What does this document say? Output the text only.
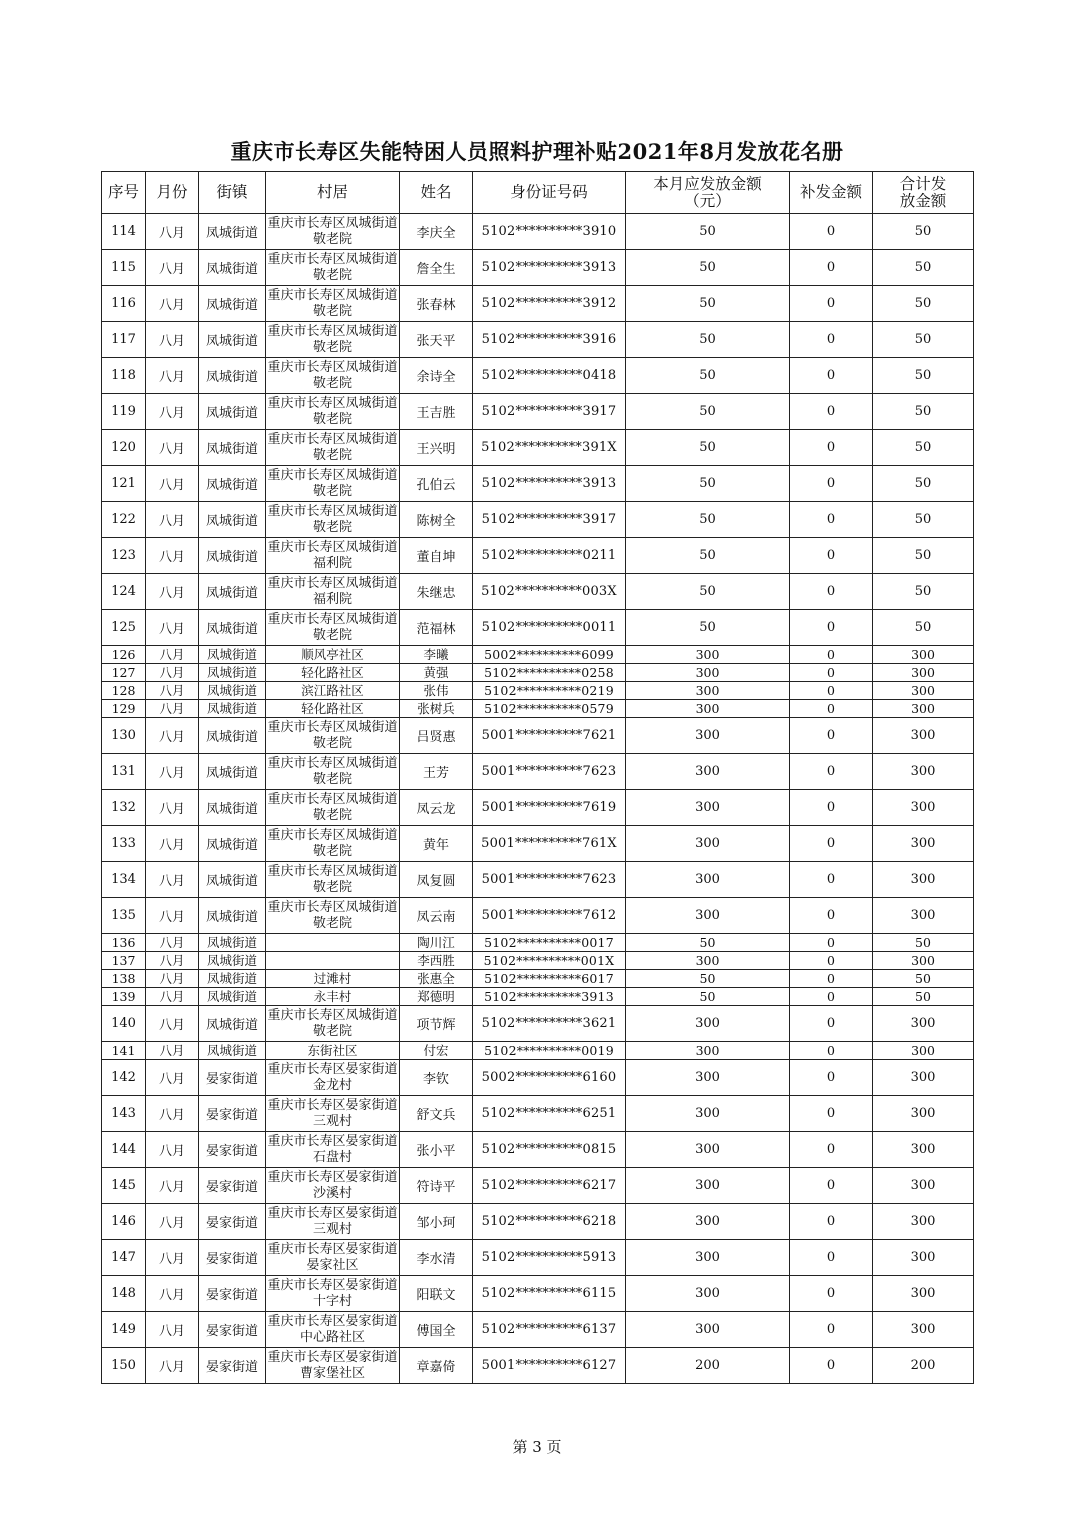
重庆市长寿区失能特困人员照料护理补贴2021年8月发放花名册
序号	月份	街镇	村居	姓名	身份证号码	本月应发放金额（元）	补发金额	合计发放金额
114	八月	凤城街道	重庆市长寿区凤城街道敬老院	李庆全	5102**********3910	50	0	50
115	八月	凤城街道	重庆市长寿区凤城街道敬老院	詹全生	5102**********3913	50	0	50
116	八月	凤城街道	重庆市长寿区凤城街道敬老院	张春林	5102**********3912	50	0	50
117	八月	凤城街道	重庆市长寿区凤城街道敬老院	张天平	5102**********3916	50	0	50
118	八月	凤城街道	重庆市长寿区凤城街道敬老院	余诗全	5102**********0418	50	0	50
119	八月	凤城街道	重庆市长寿区凤城街道敬老院	王吉胜	5102**********3917	50	0	50
120	八月	凤城街道	重庆市长寿区凤城街道敬老院	王兴明	5102**********391X	50	0	50
121	八月	凤城街道	重庆市长寿区凤城街道敬老院	孔伯云	5102**********3913	50	0	50
122	八月	凤城街道	重庆市长寿区凤城街道敬老院	陈树全	5102**********3917	50	0	50
123	八月	凤城街道	重庆市长寿区凤城街道福利院	董自坤	5102**********0211	50	0	50
124	八月	凤城街道	重庆市长寿区凤城街道福利院	朱继忠	5102**********003X	50	0	50
125	八月	凤城街道	重庆市长寿区凤城街道敬老院	范福林	5102**********0011	50	0	50
126	八月	凤城街道	顺风亭社区	李曦	5002**********6099	300	0	300
127	八月	凤城街道	轻化路社区	黄强	5102**********0258	300	0	300
128	八月	凤城街道	滨江路社区	张伟	5102**********0219	300	0	300
129	八月	凤城街道	轻化路社区	张树兵	5102**********0579	300	0	300
130	八月	凤城街道	重庆市长寿区凤城街道敬老院	吕贤惠	5001**********7621	300	0	300
131	八月	凤城街道	重庆市长寿区凤城街道敬老院	王芳	5001**********7623	300	0	300
132	八月	凤城街道	重庆市长寿区凤城街道敬老院	凤云龙	5001**********7619	300	0	300
133	八月	凤城街道	重庆市长寿区凤城街道敬老院	黄年	5001**********761X	300	0	300
134	八月	凤城街道	重庆市长寿区凤城街道敬老院	凤复圆	5001**********7623	300	0	300
135	八月	凤城街道	重庆市长寿区凤城街道敬老院	凤云南	5001**********7612	300	0	300
136	八月	凤城街道		陶川江	5102**********0017	50	0	50
137	八月	凤城街道		李西胜	5102**********001X	300	0	300
138	八月	凤城街道	过滩村	张惠全	5102**********6017	50	0	50
139	八月	凤城街道	永丰村	郑德明	5102**********3913	50	0	50
140	八月	凤城街道	重庆市长寿区凤城街道敬老院	项节辉	5102**********3621	300	0	300
141	八月	凤城街道	东街社区	付宏	5102**********0019	300	0	300
142	八月	晏家街道	重庆市长寿区晏家街道金龙村	李钦	5002**********6160	300	0	300
143	八月	晏家街道	重庆市长寿区晏家街道三观村	舒文兵	5102**********6251	300	0	300
144	八月	晏家街道	重庆市长寿区晏家街道石盘村	张小平	5102**********0815	300	0	300
145	八月	晏家街道	重庆市长寿区晏家街道沙溪村	符诗平	5102**********6217	300	0	300
146	八月	晏家街道	重庆市长寿区晏家街道三观村	邹小珂	5102**********6218	300	0	300
147	八月	晏家街道	重庆市长寿区晏家街道晏家社区	李水清	5102**********5913	300	0	300
148	八月	晏家街道	重庆市长寿区晏家街道十字村	阳联文	5102**********6115	300	0	300
149	八月	晏家街道	重庆市长寿区晏家街道中心路社区	傅国全	5102**********6137	300	0	300
150	八月	晏家街道	重庆市长寿区晏家街道曹家堡社区	章嘉倚	5001**********6127	200	0	200
第 3 页
